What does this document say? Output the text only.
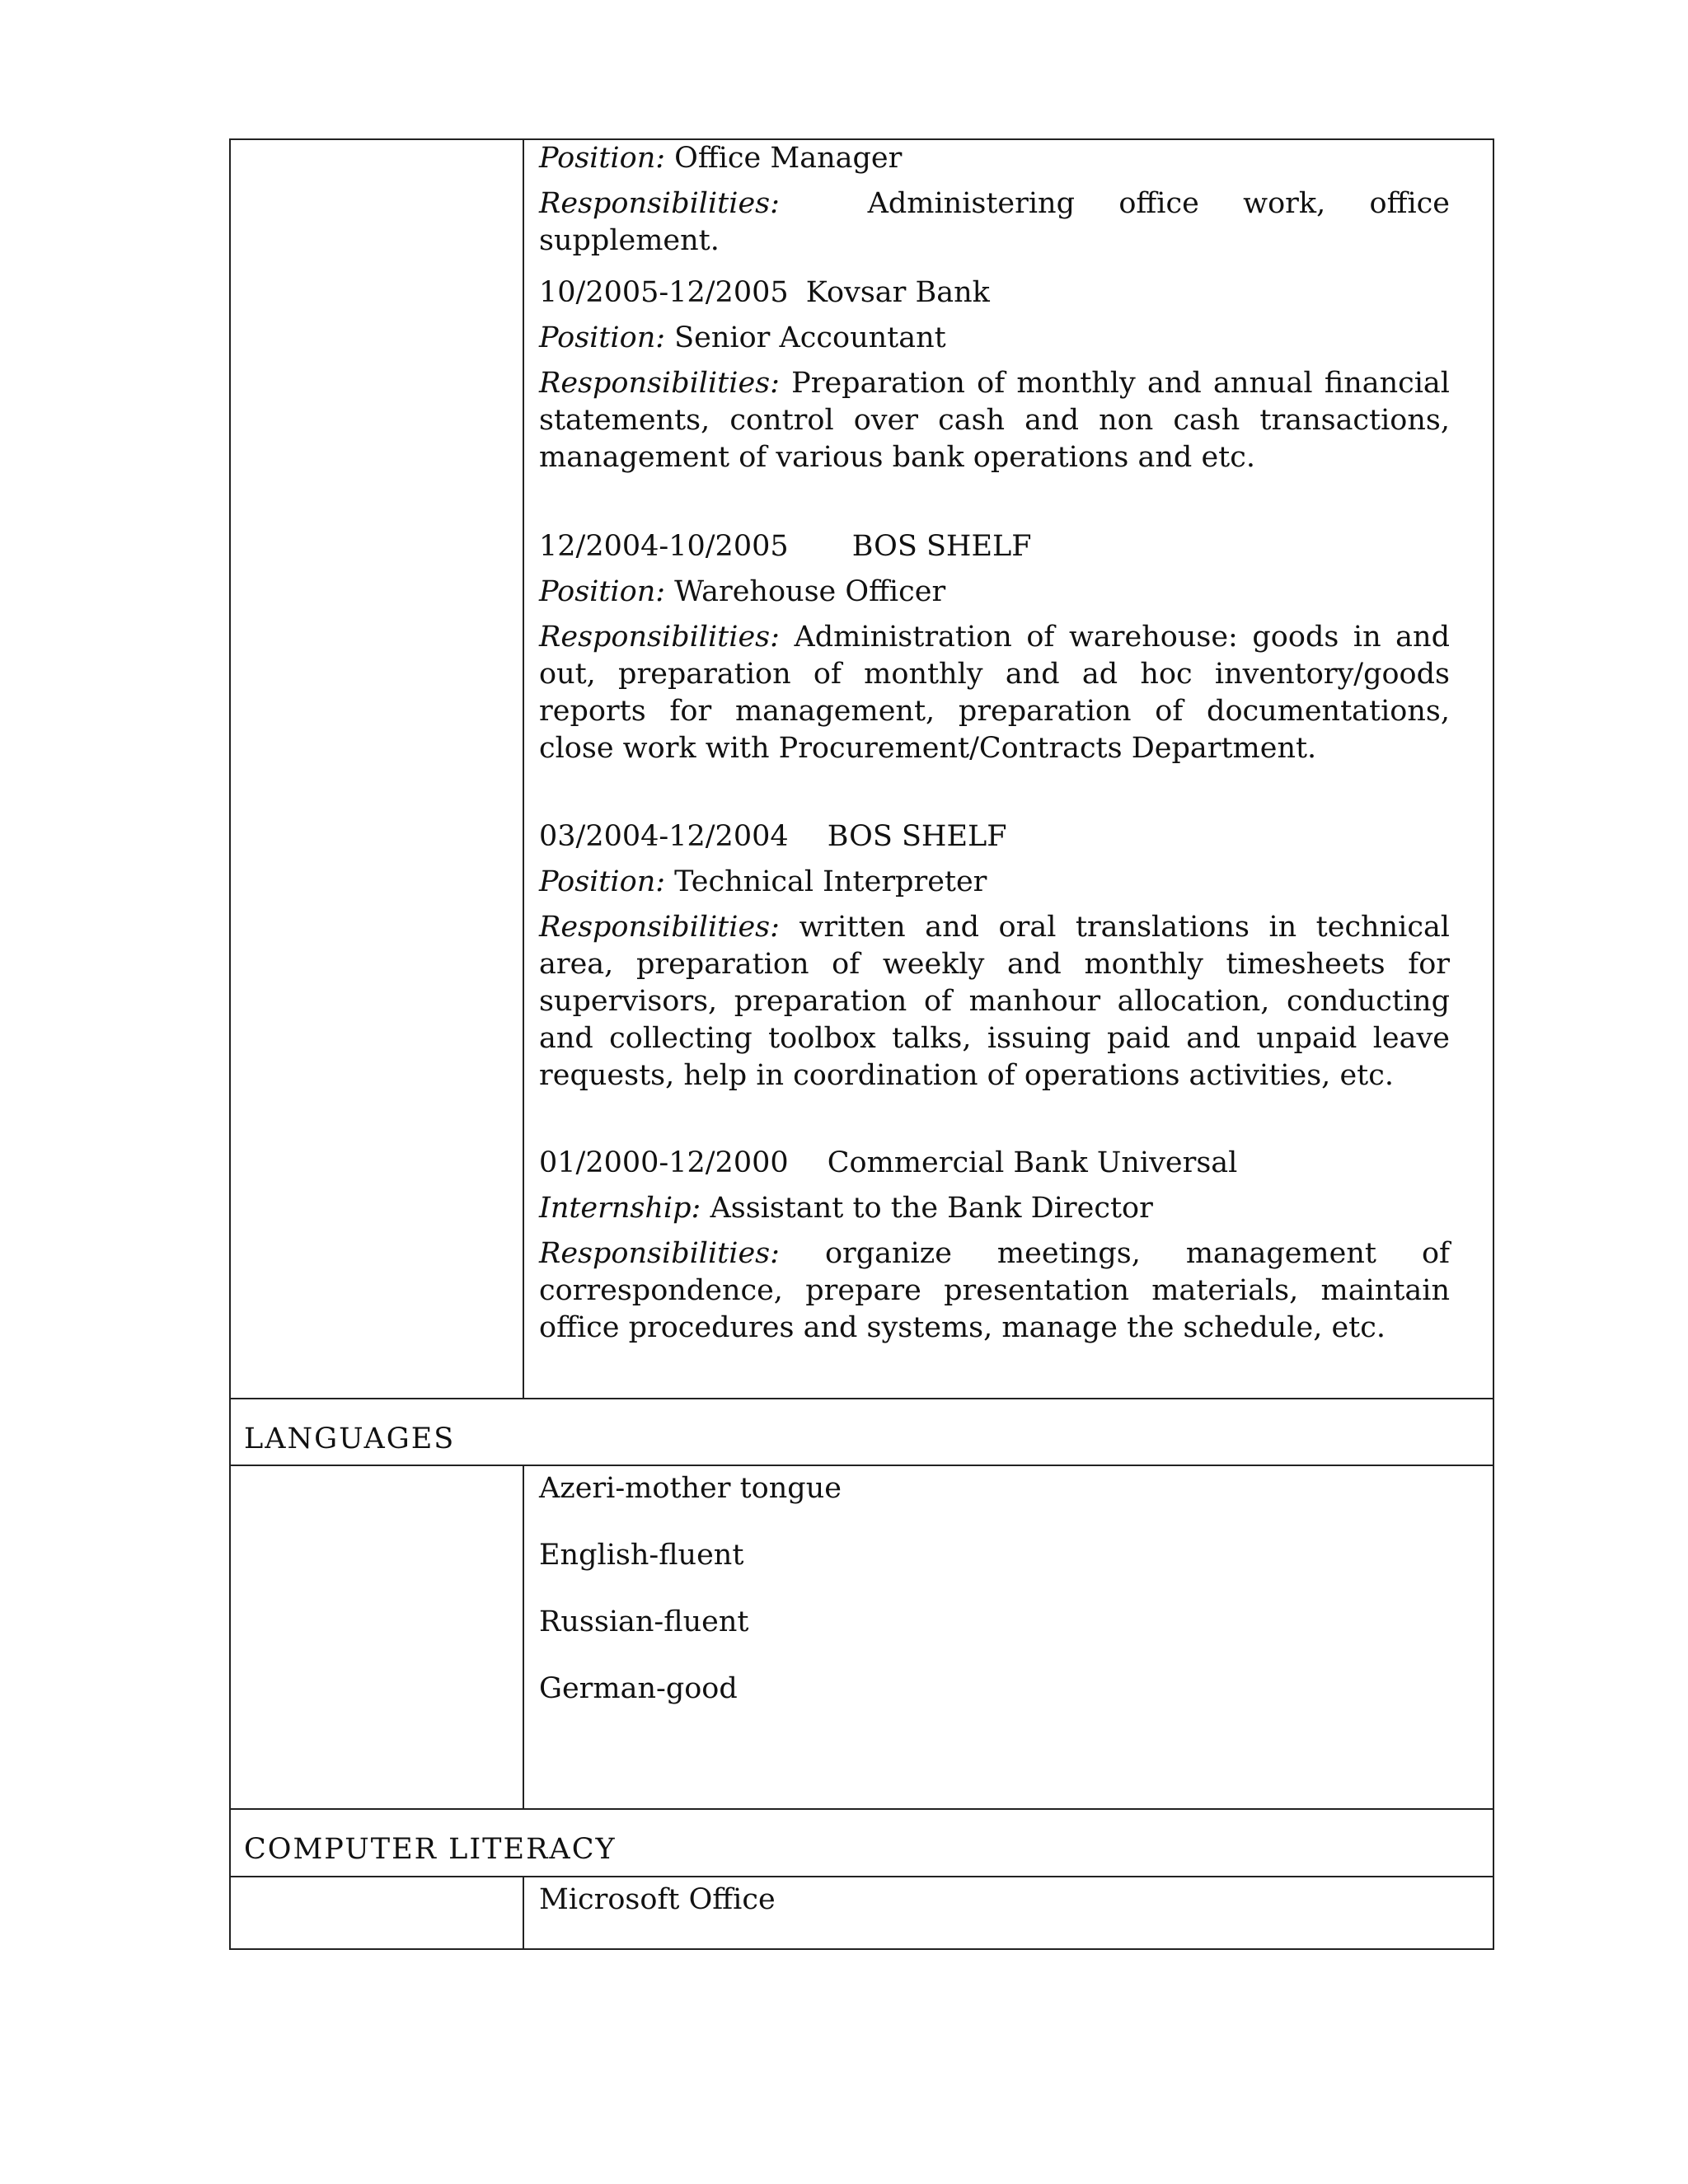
Position: Office Manager

Responsibilities:	Administering office work, office supplement.

10/2005-12/2005 Kovsar Bank

Position: Senior Accountant

Responsibilities: Preparation of monthly and annual financial statements, control over cash and non cash transactions, management of various bank operations and etc.

12/2004-10/2005 BOS SHELF

Position: Warehouse Officer

Responsibilities: Administration of warehouse: goods in and out, preparation of monthly and ad hoc inventory/goods reports for management, preparation of documentations, close work with Procurement/Contracts Department.

03/2004-12/2004 BOS SHELF

Position: Technical Interpreter

Responsibilities: written and oral translations in technical area, preparation of weekly and monthly timesheets for supervisors, preparation of manhour allocation, conducting and collecting toolbox talks, issuing paid and unpaid leave requests, help in coordination of operations activities, etc.

01/2000-12/2000 Commercial Bank Universal

Internship: Assistant to the Bank Director

Responsibilities: organize meetings, management of correspondence, prepare presentation materials, maintain office procedures and systems, manage the schedule, etc.

LANGUAGES
Azeri-mother tongue
English-fluent
Russian-fluent
German-good
COMPUTER LITERACY
Microsoft Office
